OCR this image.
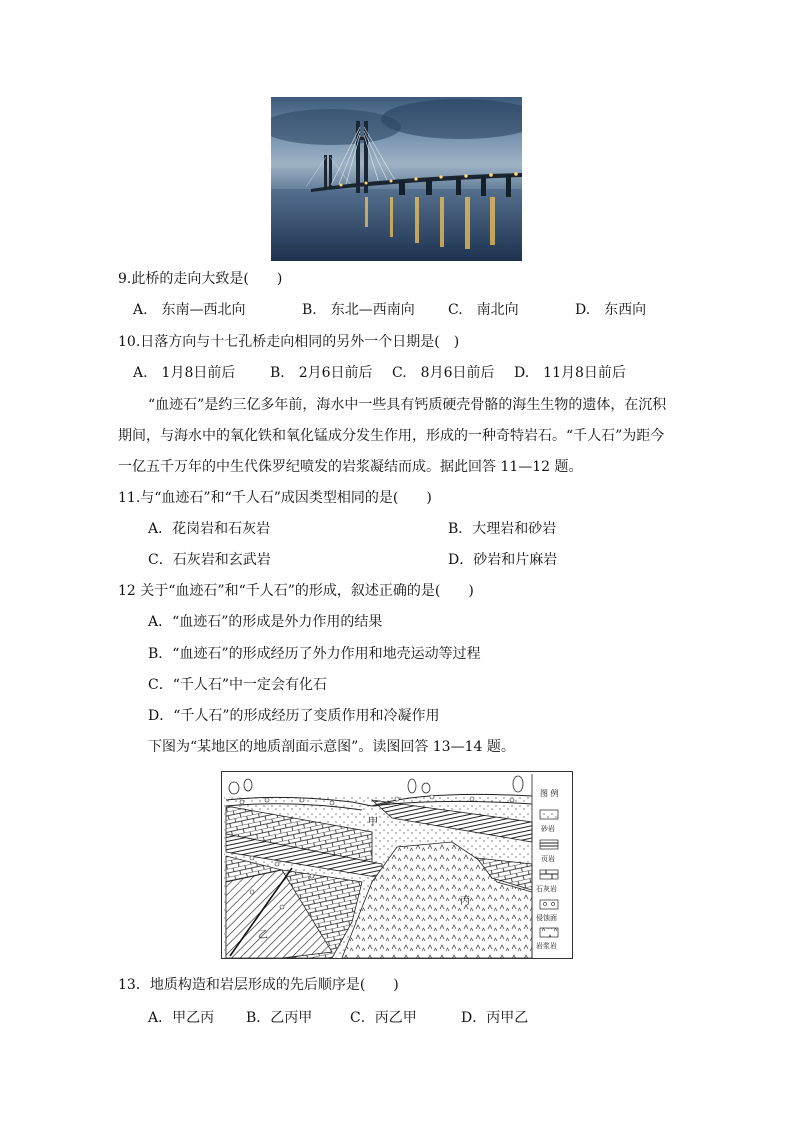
9.此桥的走向大致是(　　)
A.　东南—西北向	B.　东北—西南向 C.　南北向	D.　东西向
10.日落方向与十七孔桥走向相同的另外一个日期是(　)
A.　1月8日前后 B.　2月6日前后 C.　8月6日前后 D.　11月8日前后
“血迹石”是约三亿多年前，海水中一些具有钙质硬壳骨骼的海生生物的遗体，在沉积
期间，与海水中的氧化铁和氧化锰成分发生作用，形成的一种奇特岩石。“千人石”为距今
一亿五千万年的中生代侏罗纪喷发的岩浆凝结而成。据此回答 11—12 题。
11.与“血迹石”和“千人石”成因类型相同的是(　　)
A．花岗岩和石灰岩	B．大理岩和砂岩
C．石灰岩和玄武岩	D．砂岩和片麻岩
12 关于“血迹石”和“千人石”的形成，叙述正确的是(　　)
A．“血迹石”的形成是外力作用的结果
B．“血迹石”的形成经历了外力作用和地壳运动等过程
C．“千人石”中一定会有化石
D．“千人石”的形成经历了变质作用和冷凝作用
下图为“某地区的地质剖面示意图”。读图回答 13—14 题。
图 例
砂岩
页岩
石灰岩
侵蚀面
岩浆岩
甲
乙
丙
13．地质构造和岩层形成的先后顺序是(　　)
A．甲乙丙 B．乙丙甲	C．丙乙甲	D．丙甲乙
